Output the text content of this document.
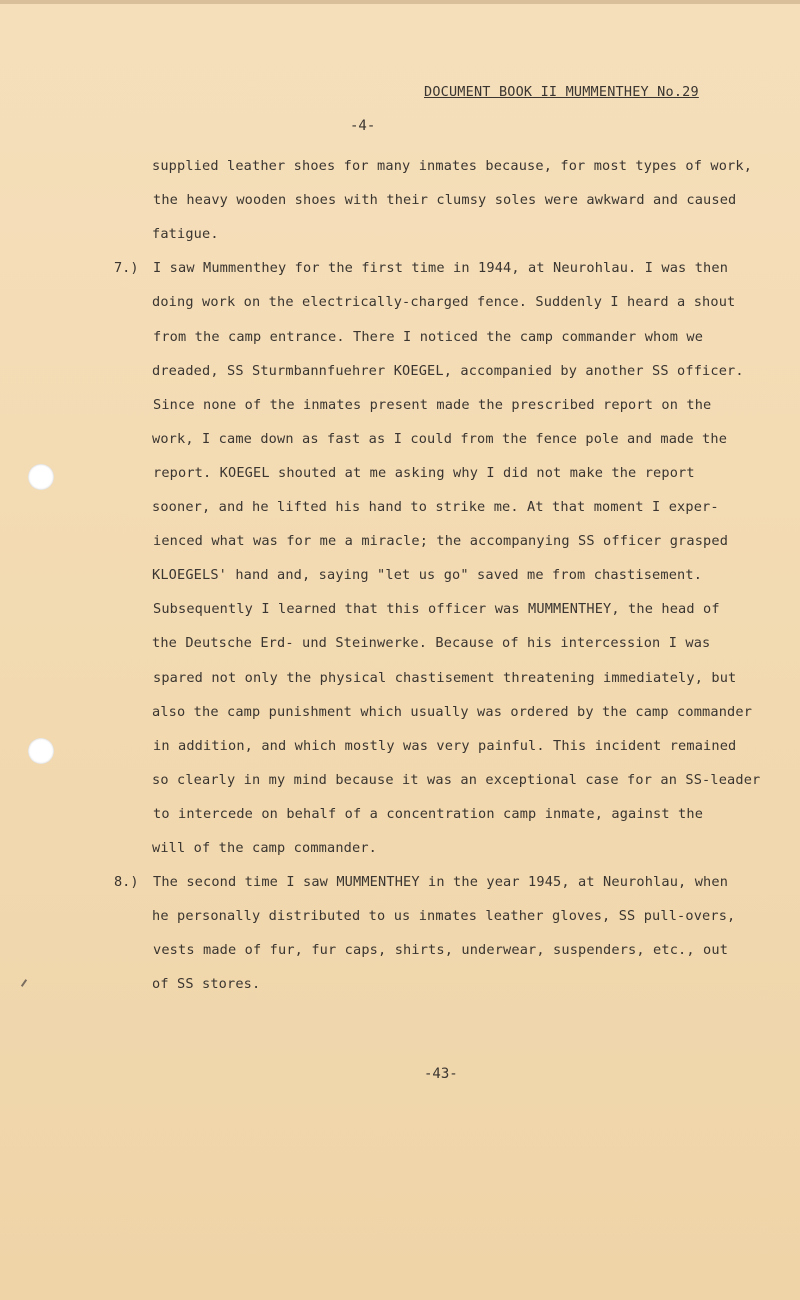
DOCUMENT BOOK II MUMMENTHEY No.29
-4-
supplied leather shoes for many inmates because, for most types of work,
the heavy wooden shoes with their clumsy soles were awkward and caused
fatigue.
7.) I saw Mummenthey for the first time in 1944, at Neurohlau. I was then
doing work on the electrically-charged fence. Suddenly I heard a shout
from the camp entrance. There I noticed the camp commander whom we
dreaded, SS Sturmbannfuehrer KOEGEL, accompanied by another SS officer.
Since none of the inmates present made the prescribed report on the
work, I came down as fast as I could from the fence pole and made the
report. KOEGEL shouted at me asking why I did not make the report
sooner, and he lifted his hand to strike me. At that moment I exper-
ienced what was for me a miracle; the accompanying SS officer grasped
KLOEGELS' hand and, saying "let us go" saved me from chastisement.
Subsequently I learned that this officer was MUMMENTHEY, the head of
the Deutsche Erd- und Steinwerke. Because of his intercession I was
spared not only the physical chastisement threatening immediately, but
also the camp punishment which usually was ordered by the camp commander
in addition, and which mostly was very painful. This incident remained
so clearly in my mind because it was an exceptional case for an SS-leader
to intercede on behalf of a concentration camp inmate, against the
will of the camp commander.
8.) The second time I saw MUMMENTHEY in the year 1945, at Neurohlau, when
he personally distributed to us inmates leather gloves, SS pull-overs,
vests made of fur, fur caps, shirts, underwear, suspenders, etc., out
of SS stores.
-43-
